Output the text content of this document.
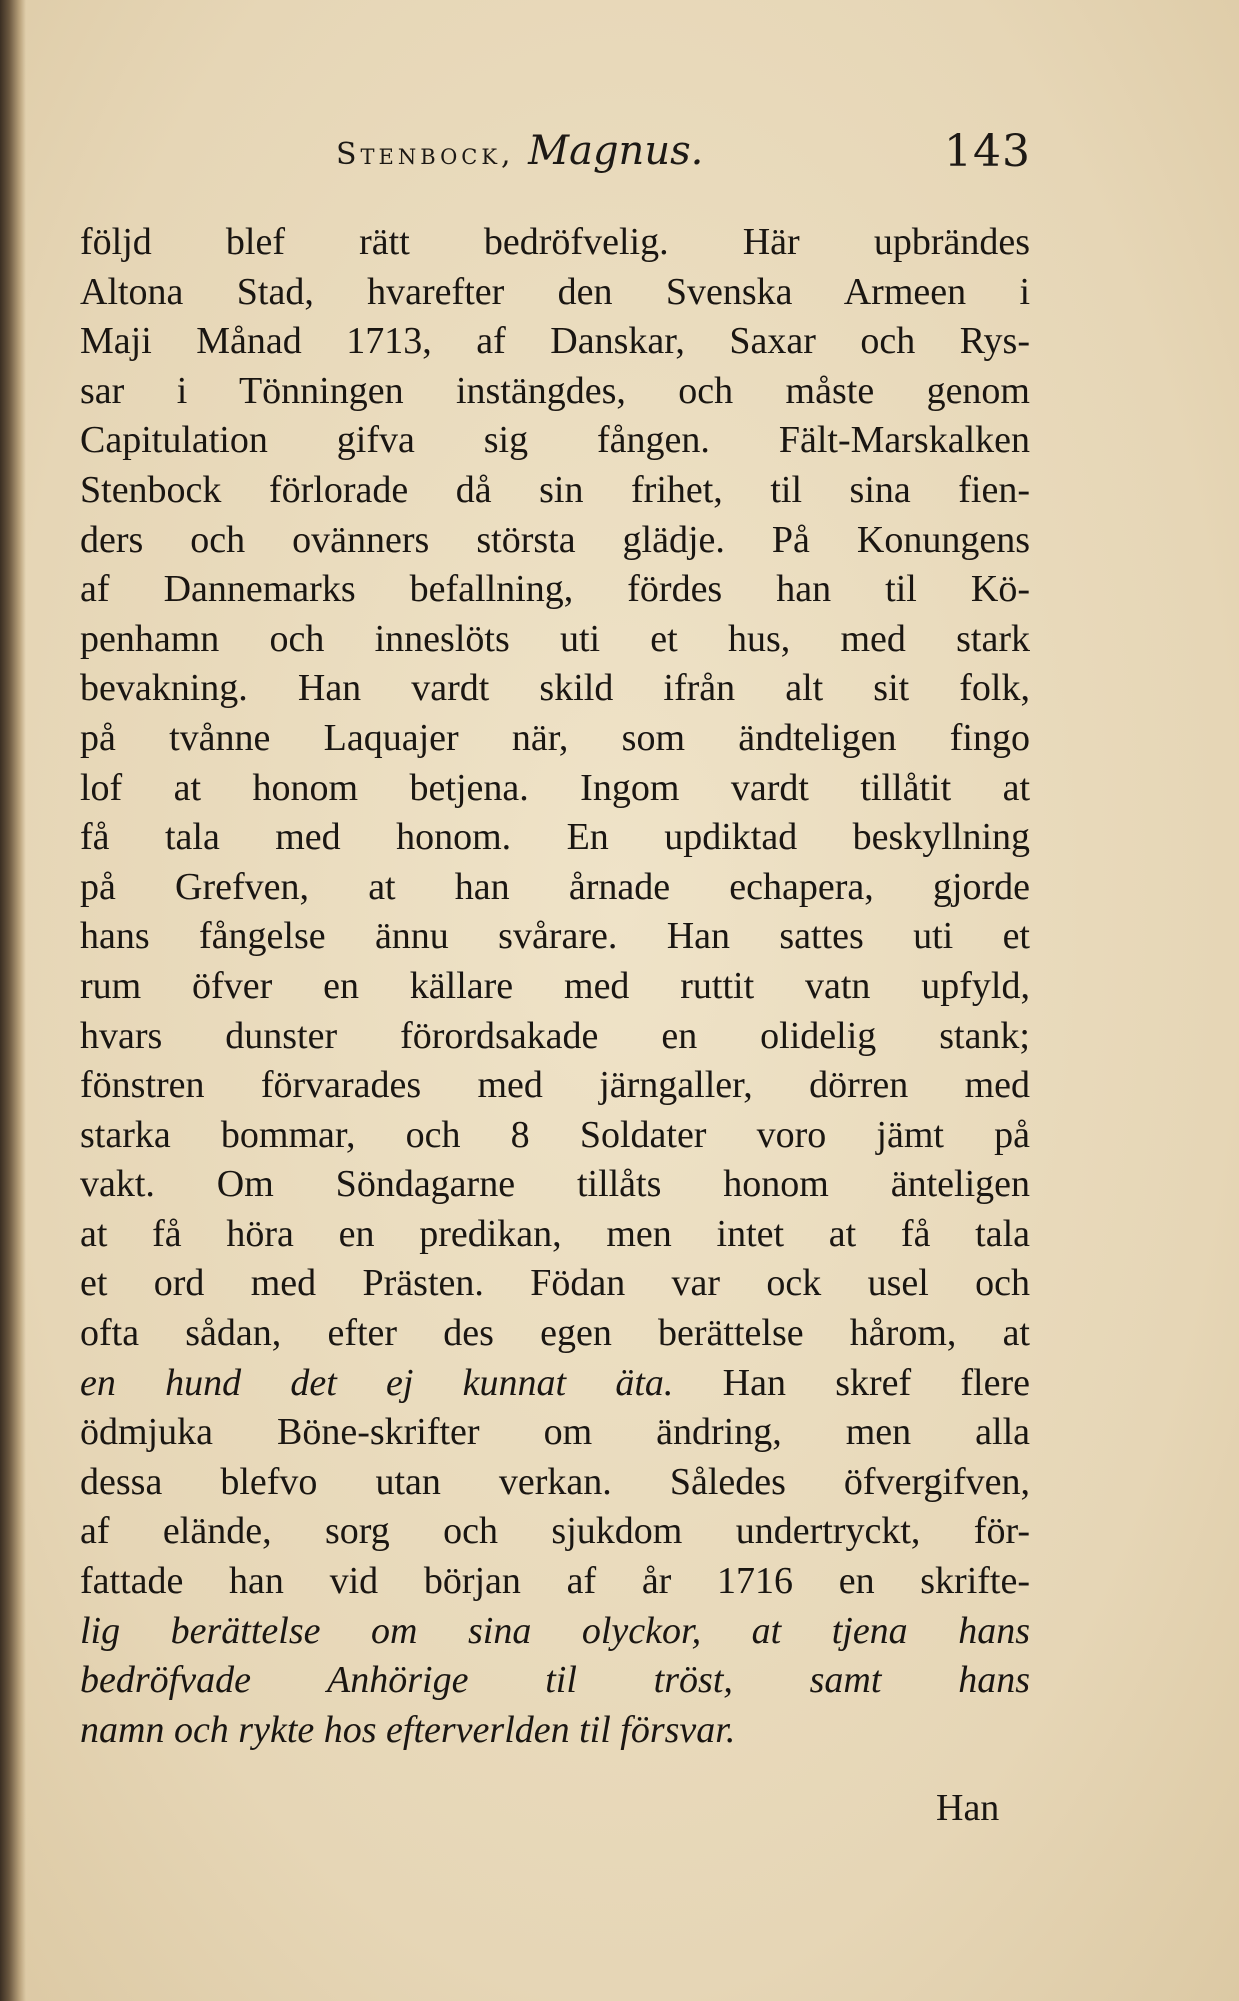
Stenbock, Magnus.	143
följd blef rätt bedröfvelig. Här upbrändes
Altona Stad, hvarefter den Svenska Armeen i
Maji Månad 1713, af Danskar, Saxar och Rys-
sar i Tönningen instängdes, och måste genom
Capitulation gifva sig fången. Fält-Marskalken
Stenbock förlorade då sin frihet, til sina fien-
ders och ovänners största glädje. På Konungens
af Dannemarks befallning, fördes han til Kö-
penhamn och inneslöts uti et hus, med stark
bevakning. Han vardt skild ifrån alt sit folk,
på tvånne Laquajer när, som ändteligen fingo
lof at honom betjena. Ingom vardt tillåtit at
få tala med honom. En updiktad beskyllning
på Grefven, at han årnade echapera, gjorde
hans fångelse ännu svårare. Han sattes uti et
rum öfver en källare med ruttit vatn upfyld,
hvars dunster förordsakade en olidelig stank;
fönstren förvarades med järngaller, dörren med
starka bommar, och 8 Soldater voro jämt på
vakt. Om Söndagarne tillåts honom änteligen
at få höra en predikan, men intet at få tala
et ord med Prästen. Födan var ock usel och
ofta sådan, efter des egen berättelse hårom, at
en hund det ej kunnat äta. Han skref flere
ödmjuka Böne-skrifter om ändring, men alla
dessa blefvo utan verkan. Således öfvergifven,
af elände, sorg och sjukdom undertryckt, för-
fattade han vid början af år 1716 en skrifte-
lig berättelse om sina olyckor, at tjena hans
bedröfvade Anhörige til tröst, samt hans
namn och rykte hos efterverlden til försvar.
Han
